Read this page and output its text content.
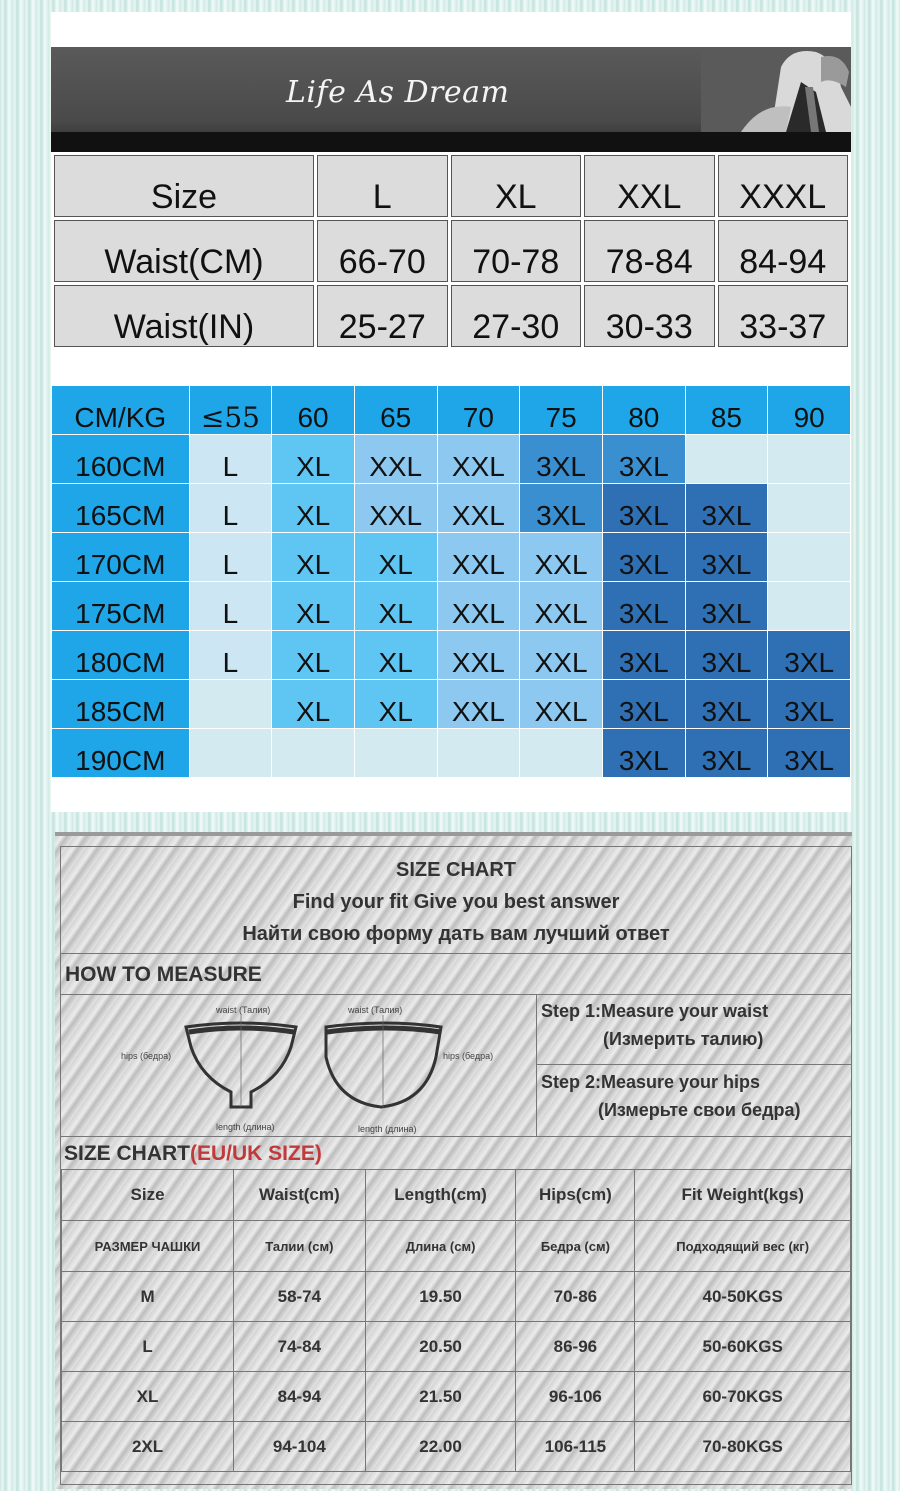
Life As Dream
Size	L	XL	XXL	XXXL
Waist(CM)	66-70	70-78	78-84	84-94
Waist(IN)	25-27	27-30	30-33	33-37
CM/KG	≤55	60	65	70	75	80	85	90
160CM	L	XL	XXL	XXL	3XL	3XL		
165CM	L	XL	XXL	XXL	3XL	3XL	3XL	
170CM	L	XL	XL	XXL	XXL	3XL	3XL	
175CM	L	XL	XL	XXL	XXL	3XL	3XL	
180CM	L	XL	XL	XXL	XXL	3XL	3XL	3XL
185CM		XL	XL	XXL	XXL	3XL	3XL	3XL
190CM						3XL	3XL	3XL
SIZE CHART
Find your fit Give you best answer
Найти свою форму дать вам лучший ответ
HOW TO MEASURE
waist (Талия)	waist (Талия)
hips (бедра)	hips (бедра)
length (длина)	length (длина)
Step 1:Measure your waist
(Измерить талию)
Step 2:Measure your hips
(Измерьте свои бедра)
SIZE CHART(EU/UK SIZE)
Size	Waist(cm)	Length(cm)	Hips(cm)	Fit Weight(kgs)
РАЗМЕР ЧАШКИ	Талии (см)	Длина (см)	Бедра (см)	Подходящий вес (кг)
M	58-74	19.50	70-86	40-50KGS
L	74-84	20.50	86-96	50-60KGS
XL	84-94	21.50	96-106	60-70KGS
2XL	94-104	22.00	106-115	70-80KGS
